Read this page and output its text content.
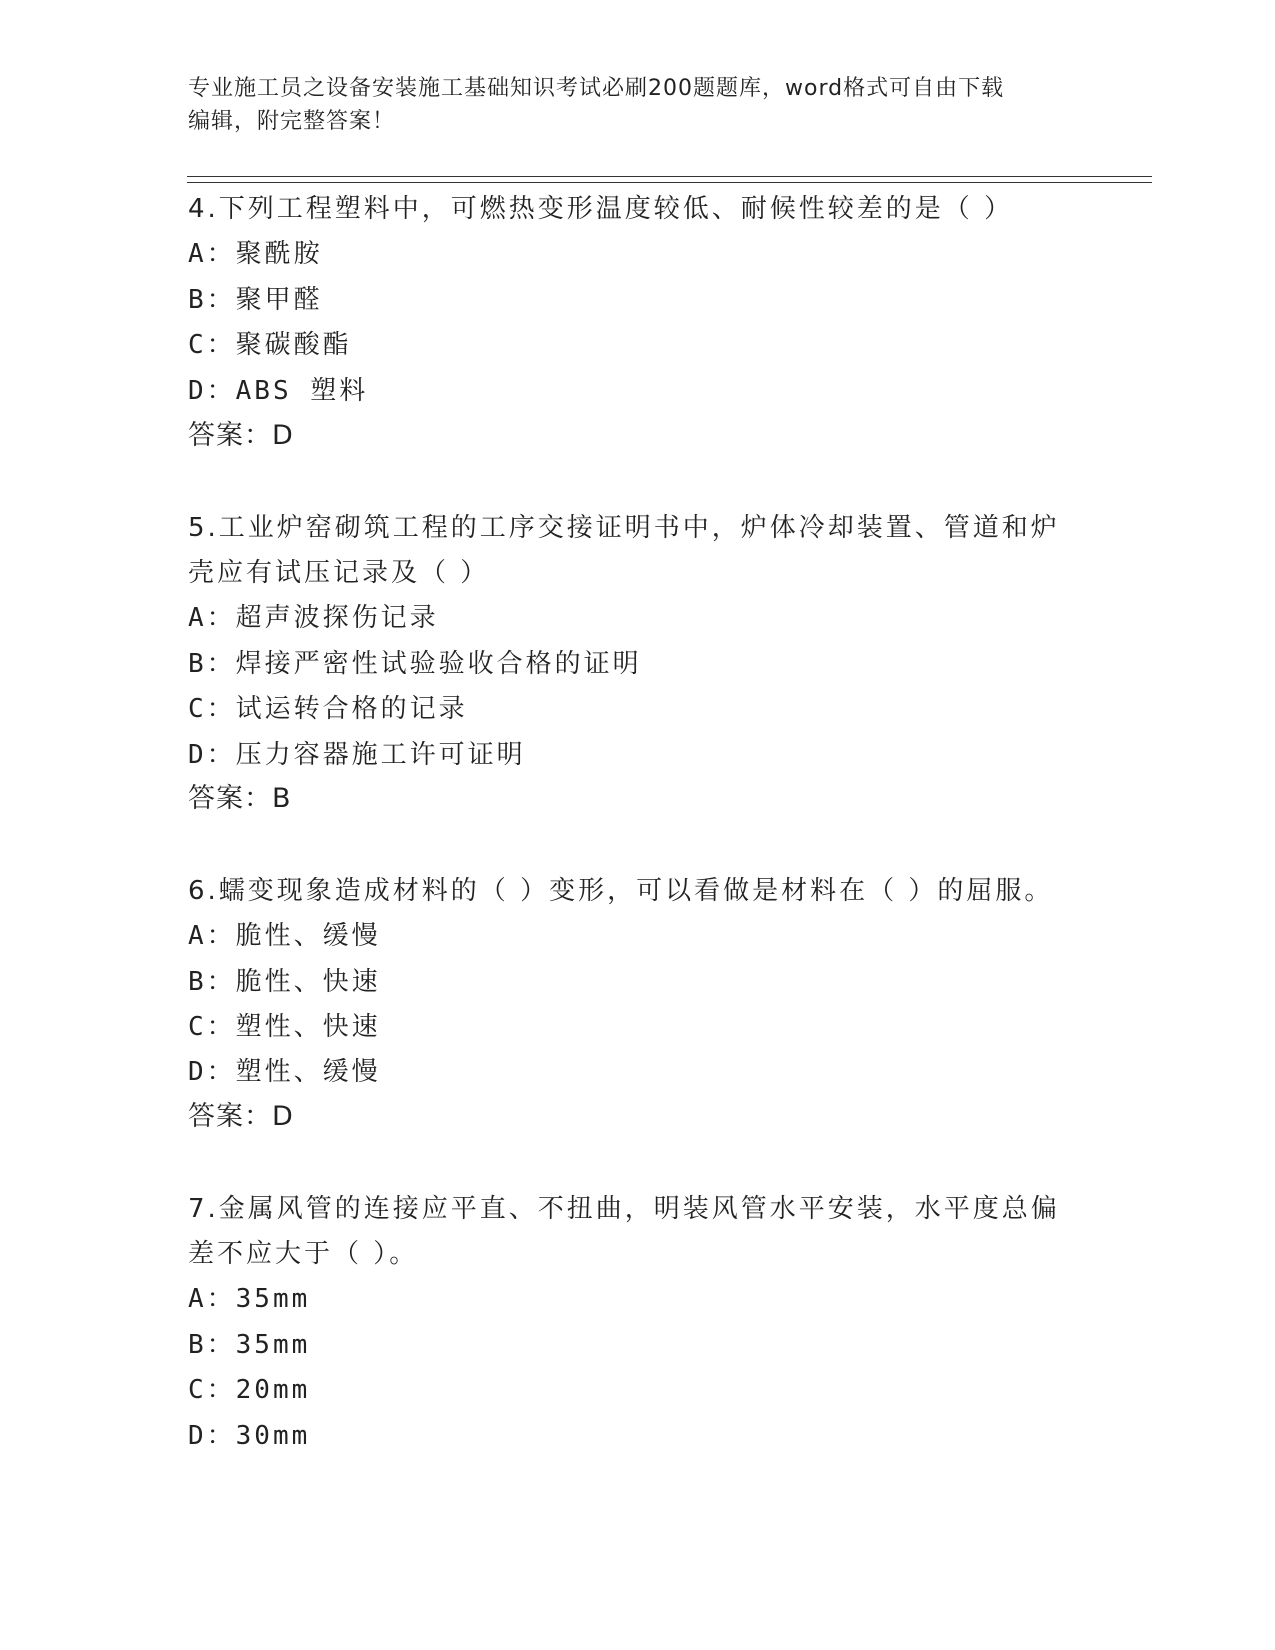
专业施工员之设备安装施工基础知识考试必刷200题题库，word格式可自由下载
编辑，附完整答案！
4.下列工程塑料中，可燃热变形温度较低、耐候性较差的是（ ）
A：聚酰胺
B：聚甲醛
C：聚碳酸酯
D：ABS 塑料
答案：D
5.工业炉窑砌筑工程的工序交接证明书中，炉体冷却装置、管道和炉
壳应有试压记录及（ ）
A：超声波探伤记录
B：焊接严密性试验验收合格的证明
C：试运转合格的记录
D：压力容器施工许可证明
答案：B
6.蠕变现象造成材料的（ ）变形，可以看做是材料在（ ）的屈服。
A：脆性、缓慢
B：脆性、快速
C：塑性、快速
D：塑性、缓慢
答案：D
7.金属风管的连接应平直、不扭曲，明装风管水平安装，水平度总偏
差不应大于（ ）。
A：35mm
B：35mm
C：20mm
D：30mm
